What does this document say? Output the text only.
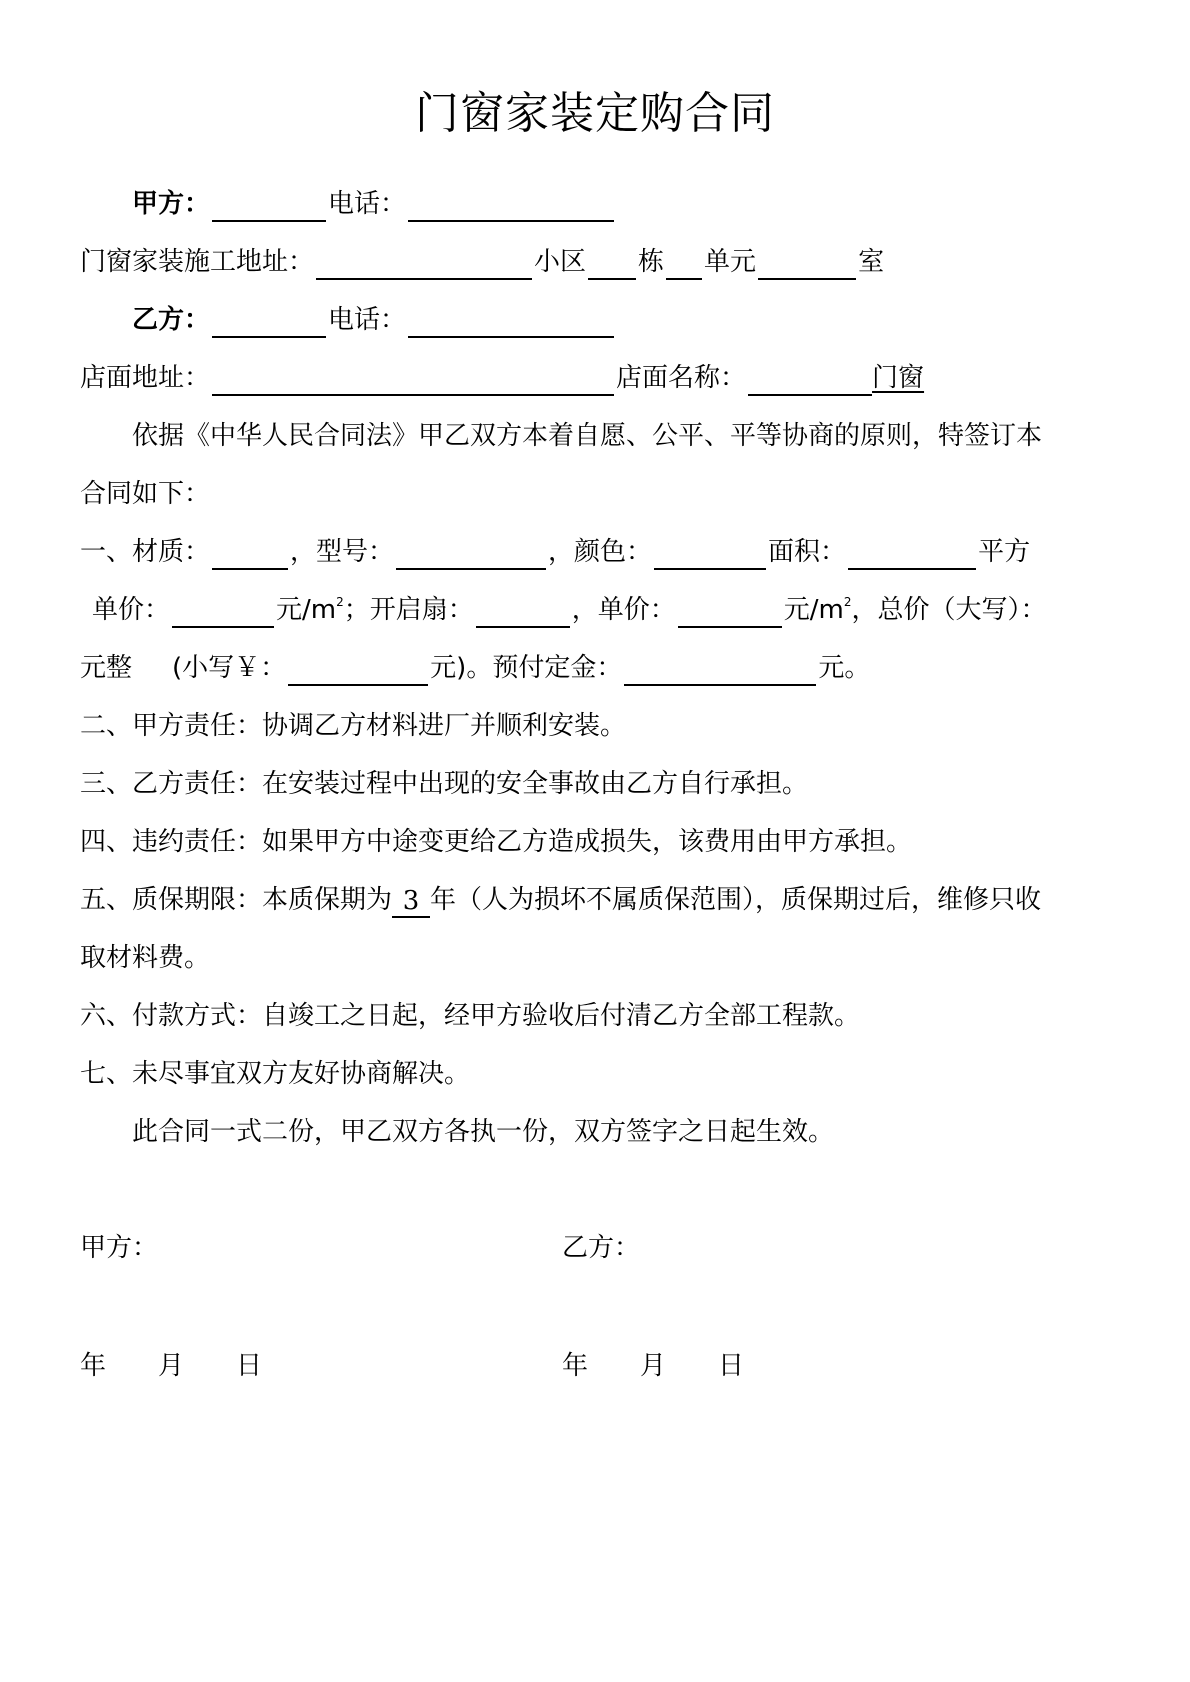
门窗家装定购合同
甲方：	电话：
门窗家装施工地址：	小区 栋 单元	室
乙方：	电话：
店面地址：	店面名称：	门窗
依据《中华人民合同法》甲乙双方本着自愿、公平、平等协商的原则，特签订本
合同如下：
一、材质：	，型号：	，颜色：	面积：	平方
单价：	元$/m^2$；开启扇：	，单价：	元$/m^2$，总价（大写）：
元整 (小写￥：	元)。预付定金：	元。
二、甲方责任：协调乙方材料进厂并顺利安装。
三、乙方责任：在安装过程中出现的安全事故由乙方自行承担。
四、违约责任：如果甲方中途变更给乙方造成损失，该费用由甲方承担。
五、质保期限：本质保期为 3 年（人为损坏不属质保范围），质保期过后，维修只收
取材料费。
六、付款方式：自竣工之日起，经甲方验收后付清乙方全部工程款。
七、未尽事宜双方友好协商解决。
此合同一式二份，甲乙双方各执一份，双方签字之日起生效。
甲方：	乙方：
年 月 日	年 月 日
